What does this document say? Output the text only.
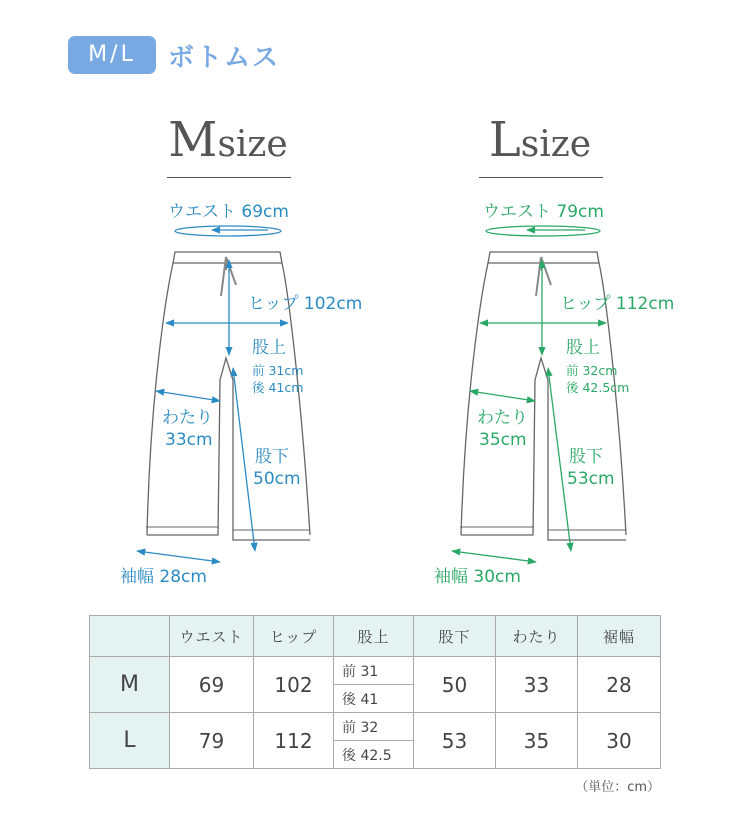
M/L	ボトムス
Msize	Lsize
ウエスト 69cm
ヒップ 102cm
股上
前 31cm
後 41cm
わたり
33cm
股下
50cm
袖幅 28cm
ウエスト 79cm
ヒップ 112cm
股上
前 32cm
後 42.5cm
わたり
35cm
股下
53cm
袖幅 30cm
	ウエスト	ヒップ	股上	股下	わたり	裾幅
M	69	102	前 31	50	33	28
			後 41			
L	79	112	前 32	53	35	30
			後 42.5			
（単位：cm）
